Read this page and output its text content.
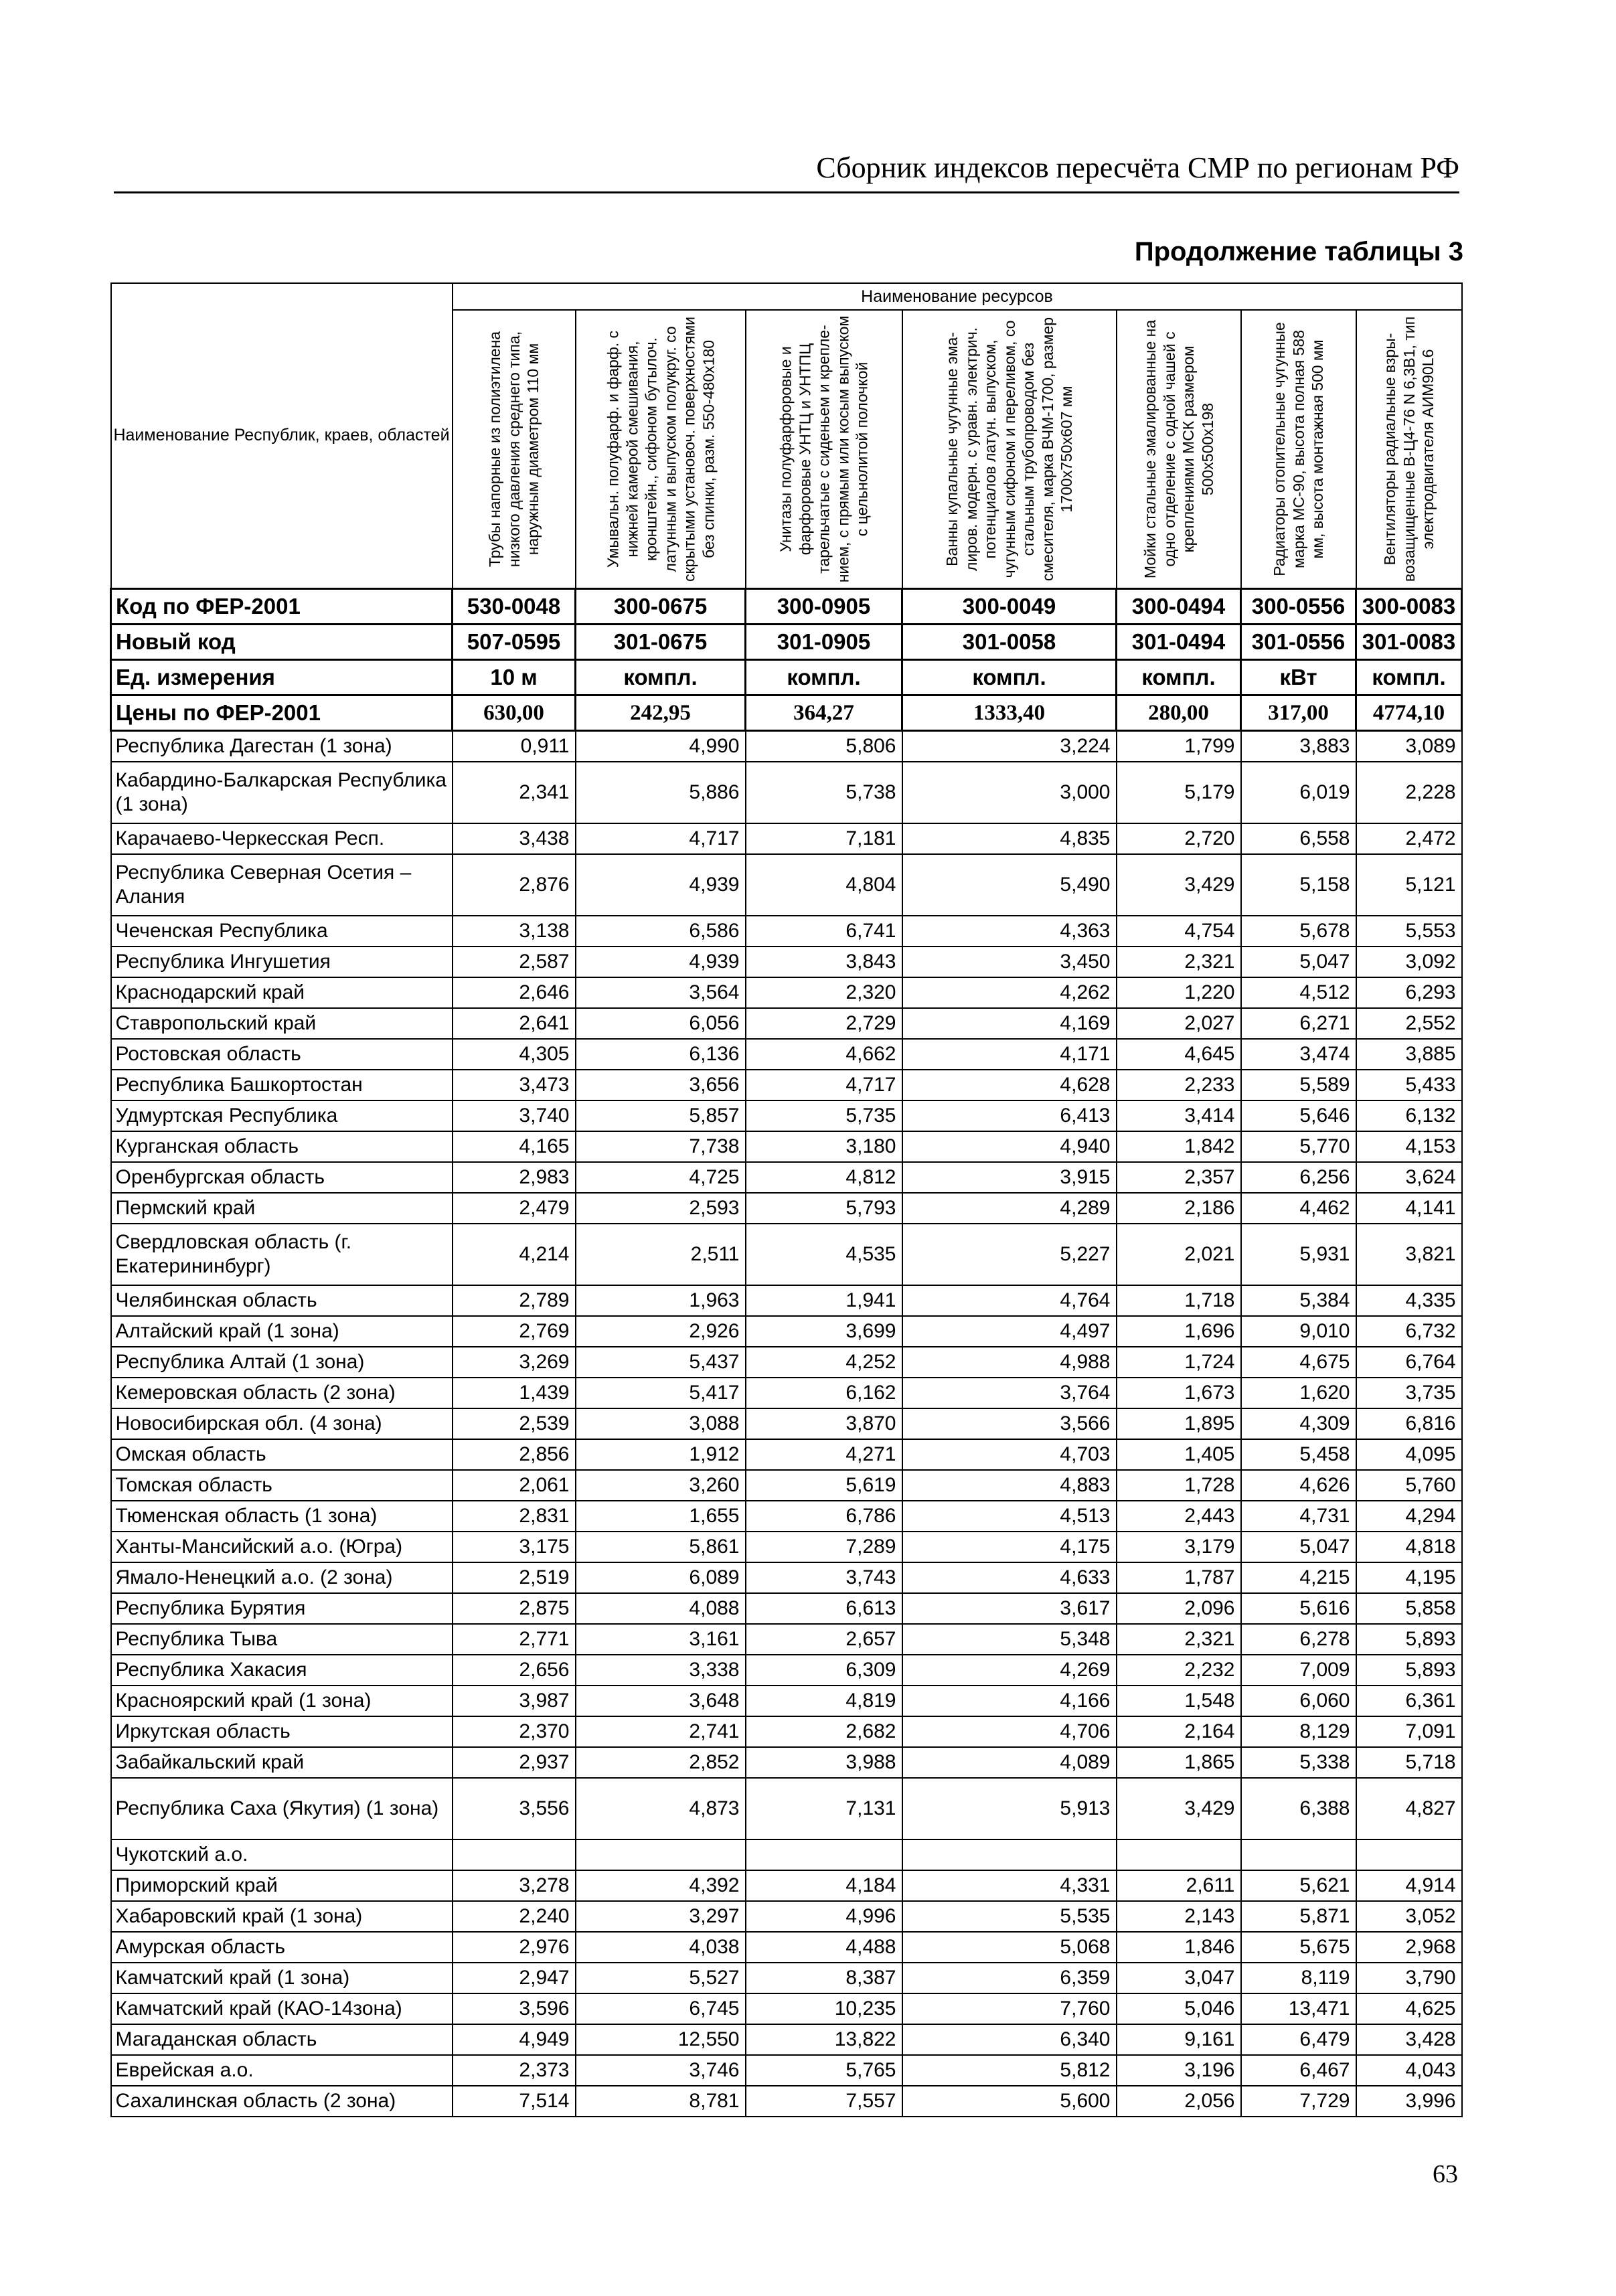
Сборник индексов пересчёта СМР по регионам РФ
Продолжение таблицы 3
Наименование Республик, краев, областей	Наименование ресурсов						

	Трубы напорные из полиэтилена низкого давления среднего типа, наружным диаметром 110 мм	Умывальн. полуфарф. и фарф. с нижней камерой смешивания, кронштейн., сифоном бутылоч. латунным и выпуском полукруг. со скрытыми установоч. поверхностями без спинки, разм. 550-480х180	Унитазы полуфарфоровые и фарфоровые УНТЦ и УНТПЦ тарельчатые с сиденьем и креплением, с прямым или косым выпуском с цельнолитой полочкой	Ванны купальные чугунные эмалиров. модерн. с уравн. электрич. потенциалов латун. выпуском, чугунным сифоном и переливом, со стальным трубопроводом без смесителя, марка ВЧМ-1700, размер 1700х750х607 мм	Мойки стальные эмалированные на одно отделение с одной чашей с креплениями МСК размером 500х500х198	Радиаторы отопительные чугунные марка МС-90, высота полная 588 мм, высота монтажная 500 мм	Вентиляторы радиальные взрывозащищенные В-Ц4-76 N 6,3В1, тип электродвигателя АИМ90L6

Код по ФЕР-2001	530-0048	300-0675	300-0905	300-0049	300-0494	300-0556	300-0083
Новый код	507-0595	301-0675	301-0905	301-0058	301-0494	301-0556	301-0083
Ед. измерения	10 м	компл.	компл.	компл.	компл.	кВт	компл.
Цены по ФЕР-2001	630,00	242,95	364,27	1333,40	280,00	317,00	4774,10
Республика Дагестан (1 зона)	0,911	4,990	5,806	3,224	1,799	3,883	3,089
Кабардино-Балкарская Республика (1 зона)	2,341	5,886	5,738	3,000	5,179	6,019	2,228
Карачаево-Черкесская Респ.	3,438	4,717	7,181	4,835	2,720	6,558	2,472
Республика Северная Осетия – Алания	2,876	4,939	4,804	5,490	3,429	5,158	5,121
Чеченская Республика	3,138	6,586	6,741	4,363	4,754	5,678	5,553
Республика Ингушетия	2,587	4,939	3,843	3,450	2,321	5,047	3,092
Краснодарский край	2,646	3,564	2,320	4,262	1,220	4,512	6,293
Ставропольский край	2,641	6,056	2,729	4,169	2,027	6,271	2,552
Ростовская область	4,305	6,136	4,662	4,171	4,645	3,474	3,885
Республика Башкортостан	3,473	3,656	4,717	4,628	2,233	5,589	5,433
Удмуртская Республика	3,740	5,857	5,735	6,413	3,414	5,646	6,132
Курганская область	4,165	7,738	3,180	4,940	1,842	5,770	4,153
Оренбургская область	2,983	4,725	4,812	3,915	2,357	6,256	3,624
Пермский край	2,479	2,593	5,793	4,289	2,186	4,462	4,141
Свердловская область (г. Екатерининбург)	4,214	2,511	4,535	5,227	2,021	5,931	3,821
Челябинская область	2,789	1,963	1,941	4,764	1,718	5,384	4,335
Алтайский край (1 зона)	2,769	2,926	3,699	4,497	1,696	9,010	6,732
Республика Алтай (1 зона)	3,269	5,437	4,252	4,988	1,724	4,675	6,764
Кемеровская область (2 зона)	1,439	5,417	6,162	3,764	1,673	1,620	3,735
Новосибирская обл. (4 зона)	2,539	3,088	3,870	3,566	1,895	4,309	6,816
Омская область	2,856	1,912	4,271	4,703	1,405	5,458	4,095
Томская область	2,061	3,260	5,619	4,883	1,728	4,626	5,760
Тюменская область (1 зона)	2,831	1,655	6,786	4,513	2,443	4,731	4,294
Ханты-Мансийский а.о. (Югра)	3,175	5,861	7,289	4,175	3,179	5,047	4,818
Ямало-Ненецкий а.о. (2 зона)	2,519	6,089	3,743	4,633	1,787	4,215	4,195
Республика Бурятия	2,875	4,088	6,613	3,617	2,096	5,616	5,858
Республика Тыва	2,771	3,161	2,657	5,348	2,321	6,278	5,893
Республика Хакасия	2,656	3,338	6,309	4,269	2,232	7,009	5,893
Красноярский край (1 зона)	3,987	3,648	4,819	4,166	1,548	6,060	6,361
Иркутская область	2,370	2,741	2,682	4,706	2,164	8,129	7,091
Забайкальский край	2,937	2,852	3,988	4,089	1,865	5,338	5,718
Республика Саха (Якутия) (1 зона)	3,556	4,873	7,131	5,913	3,429	6,388	4,827
Чукотский а.о.							
Приморский край	3,278	4,392	4,184	4,331	2,611	5,621	4,914
Хабаровский край (1 зона)	2,240	3,297	4,996	5,535	2,143	5,871	3,052
Амурская область	2,976	4,038	4,488	5,068	1,846	5,675	2,968
Камчатский край (1 зона)	2,947	5,527	8,387	6,359	3,047	8,119	3,790
Камчатский край (КАО-14зона)	3,596	6,745	10,235	7,760	5,046	13,471	4,625
Магаданская область	4,949	12,550	13,822	6,340	9,161	6,479	3,428
Еврейская а.о.	2,373	3,746	5,765	5,812	3,196	6,467	4,043
Сахалинская область (2 зона)	7,514	8,781	7,557	5,600	2,056	7,729	3,996
63
